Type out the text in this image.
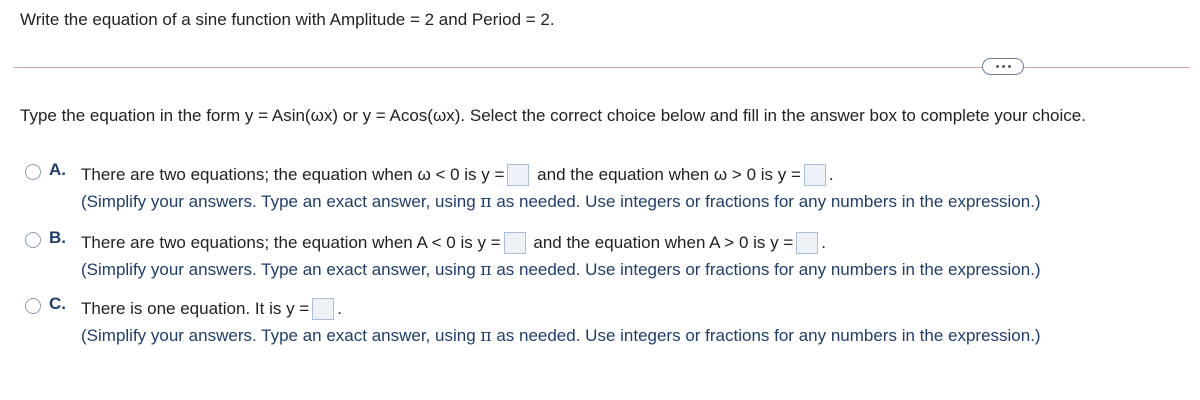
Write the equation of a sine function with Amplitude = 2 and Period = 2.
Type the equation in the form y = Asin(ωx) or y = Acos(ωx). Select the correct choice below and fill in the answer box to complete your choice.
A. There are two equations; the equation when ω < 0 is y = and the equation when ω > 0 is y = .
(Simplify your answers. Type an exact answer, using π as needed. Use integers or fractions for any numbers in the expression.)
B. There are two equations; the equation when A < 0 is y = and the equation when A > 0 is y = .
(Simplify your answers. Type an exact answer, using π as needed. Use integers or fractions for any numbers in the expression.)
C. There is one equation. It is y = .
(Simplify your answers. Type an exact answer, using π as needed. Use integers or fractions for any numbers in the expression.)
